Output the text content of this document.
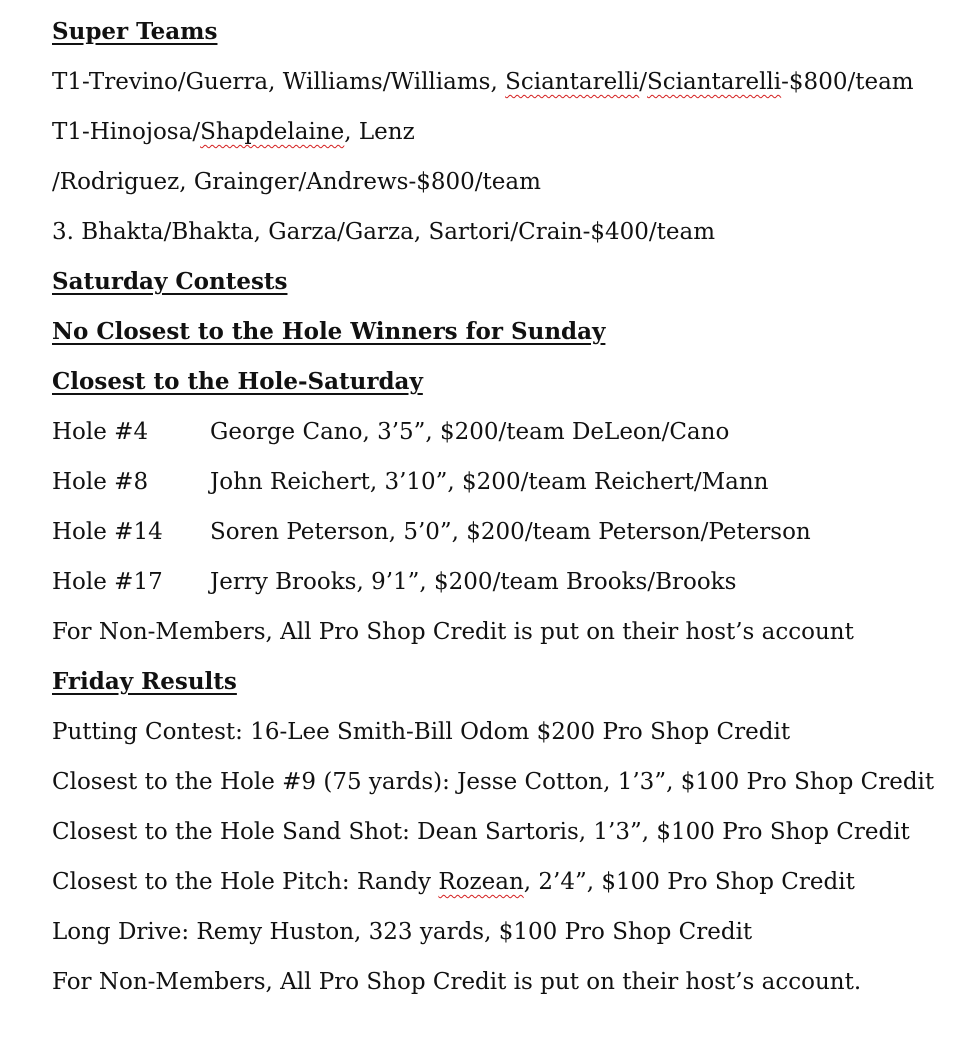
Super Teams
T1-Trevino/Guerra, Williams/Williams, Sciantarelli/Sciantarelli-$800/team
T1-Hinojosa/Shapdelaine, Lenz
/Rodriguez, Grainger/Andrews-$800/team
3. Bhakta/Bhakta, Garza/Garza, Sartori/Crain-$400/team
Saturday Contests
No Closest to the Hole Winners for Sunday
Closest to the Hole-Saturday
Hole #4	George Cano, 3’5”, $200/team DeLeon/Cano
Hole #8	John Reichert, 3’10”, $200/team Reichert/Mann
Hole #14 Soren Peterson, 5’0”, $200/team Peterson/Peterson
Hole #17 Jerry Brooks, 9’1”, $200/team Brooks/Brooks
For Non-Members, All Pro Shop Credit is put on their host’s account
Friday Results
Putting Contest: 16-Lee Smith-Bill Odom $200 Pro Shop Credit
Closest to the Hole #9 (75 yards): Jesse Cotton, 1’3”, $100 Pro Shop Credit
Closest to the Hole Sand Shot: Dean Sartoris, 1’3”, $100 Pro Shop Credit
Closest to the Hole Pitch: Randy Rozean, 2’4”, $100 Pro Shop Credit
Long Drive: Remy Huston, 323 yards, $100 Pro Shop Credit
For Non-Members, All Pro Shop Credit is put on their host’s account.
